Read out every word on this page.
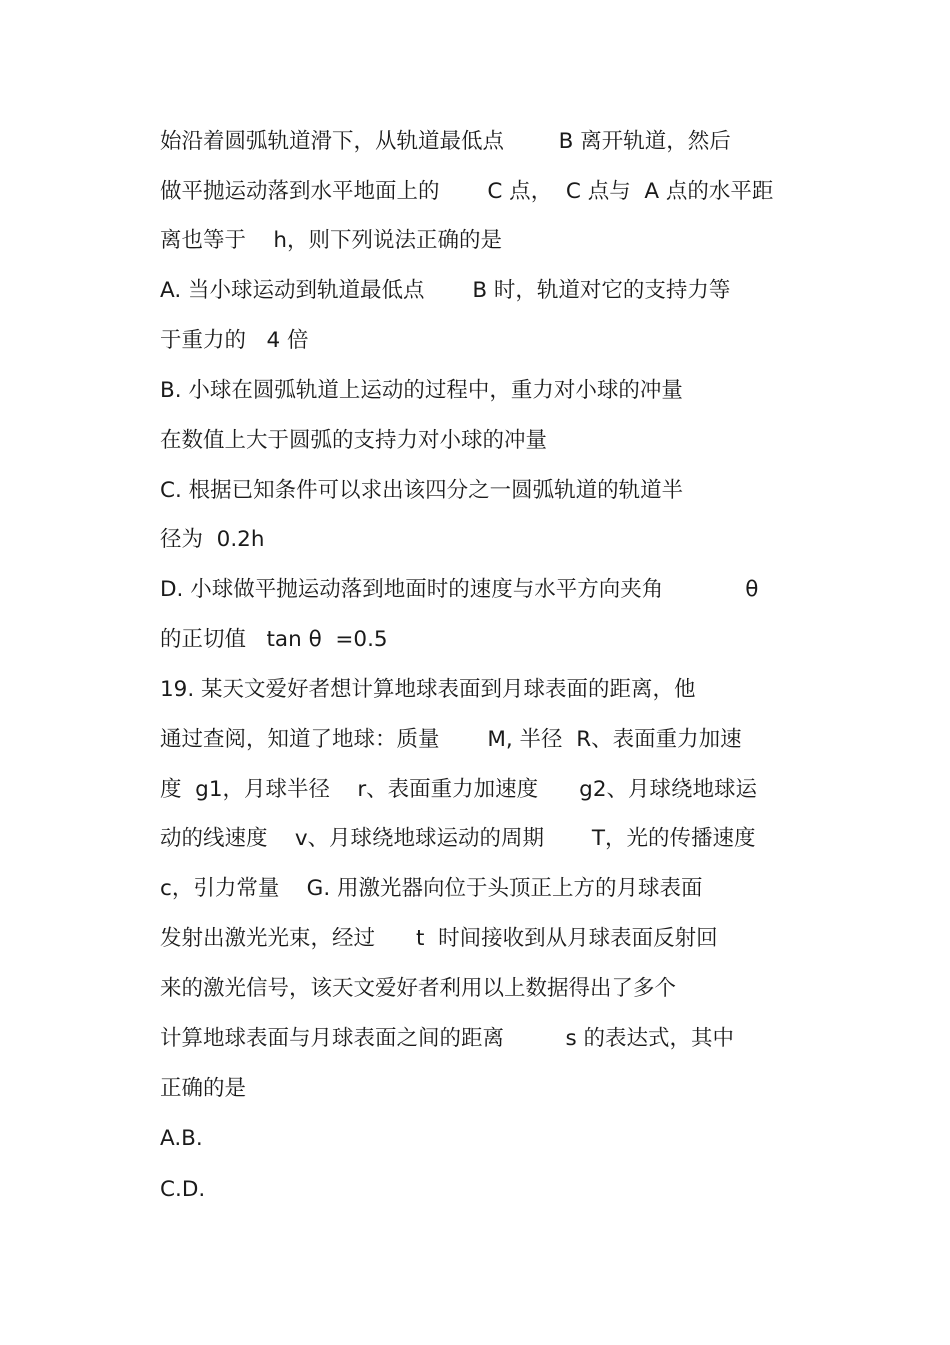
始沿着圆弧轨道滑下，从轨道最低点        B 离开轨道，然后
做平抛运动落到水平地面上的       C 点，  C 点与  A 点的水平距
离也等于    h，则下列说法正确的是
A. 当小球运动到轨道最低点       B 时，轨道对它的支持力等
于重力的   4 倍
B. 小球在圆弧轨道上运动的过程中，重力对小球的冲量
在数值上大于圆弧的支持力对小球的冲量
C. 根据已知条件可以求出该四分之一圆弧轨道的轨道半
径为  0.2h
D. 小球做平抛运动落到地面时的速度与水平方向夹角            θ
的正切值   tan θ  =0.5
19. 某天文爱好者想计算地球表面到月球表面的距离，他
通过查阅，知道了地球：质量       M, 半径  R、表面重力加速
度  g1，月球半径    r、表面重力加速度      g2、月球绕地球运
动的线速度    v、月球绕地球运动的周期       T，光的传播速度
c，引力常量    G. 用激光器向位于头顶正上方的月球表面
发射出激光光束，经过      t  时间接收到从月球表面反射回
来的激光信号，该天文爱好者利用以上数据得出了多个
计算地球表面与月球表面之间的距离         s 的表达式，其中
正确的是
A.B.
C.D.
